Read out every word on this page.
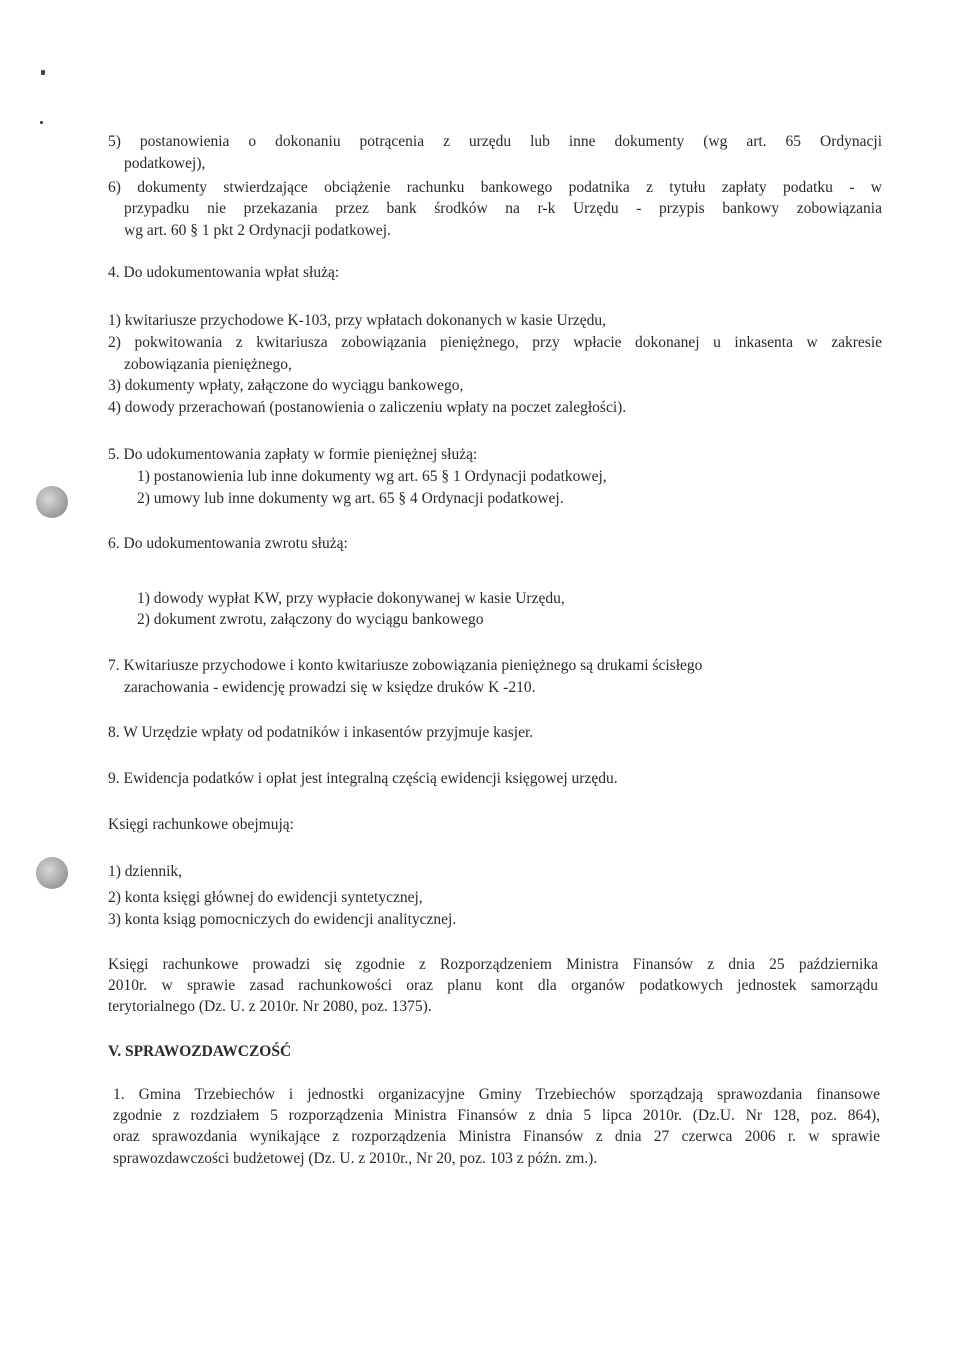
5) postanowienia o dokonaniu potrącenia z urzędu lub inne dokumenty (wg art. 65 Ordynacji
podatkowej),
6) dokumenty stwierdzające obciążenie rachunku bankowego podatnika z tytułu zapłaty podatku - w
przypadku nie przekazania przez bank środków na r-k Urzędu - przypis bankowy zobowiązania
wg art. 60 § 1 pkt 2 Ordynacji podatkowej.
4. Do udokumentowania wpłat służą:
1) kwitariusze przychodowe K-103, przy wpłatach dokonanych w kasie Urzędu,
2) pokwitowania z kwitariusza zobowiązania pieniężnego, przy wpłacie dokonanej u inkasenta w zakresie
zobowiązania pieniężnego,
3) dokumenty wpłaty, załączone do wyciągu bankowego,
4) dowody przerachowań (postanowienia o zaliczeniu wpłaty na poczet zaległości).
5. Do udokumentowania zapłaty w formie pieniężnej służą:
1) postanowienia lub inne dokumenty wg art. 65 § 1 Ordynacji podatkowej,
2) umowy lub inne dokumenty wg art. 65 § 4 Ordynacji podatkowej.
6. Do udokumentowania zwrotu służą:
1) dowody wypłat KW, przy wypłacie dokonywanej w kasie Urzędu,
2) dokument zwrotu, załączony do wyciągu bankowego
7. Kwitariusze przychodowe i konto kwitariusze zobowiązania pieniężnego są drukami ścisłego
zarachowania - ewidencję prowadzi się w księdze druków K -210.
8. W Urzędzie wpłaty od podatników i inkasentów przyjmuje kasjer.
9. Ewidencja podatków i opłat jest integralną częścią ewidencji księgowej urzędu.
Księgi rachunkowe obejmują:
1) dziennik,
2) konta księgi głównej do ewidencji syntetycznej,
3) konta ksiąg pomocniczych do ewidencji analitycznej.
Księgi rachunkowe prowadzi się zgodnie z Rozporządzeniem Ministra Finansów z dnia 25 października
2010r. w sprawie zasad rachunkowości oraz planu kont dla organów podatkowych jednostek samorządu
terytorialnego (Dz. U. z 2010r. Nr 2080, poz. 1375).
V. SPRAWOZDAWCZOŚĆ
1. Gmina Trzebiechów i jednostki organizacyjne Gminy Trzebiechów sporządzają sprawozdania finansowe
zgodnie z rozdziałem 5 rozporządzenia Ministra Finansów z dnia 5 lipca 2010r. (Dz.U. Nr 128, poz. 864),
oraz sprawozdania wynikające z rozporządzenia Ministra Finansów z dnia 27 czerwca 2006 r. w sprawie
sprawozdawczości budżetowej (Dz. U. z 2010r., Nr 20, poz. 103 z późn. zm.).
